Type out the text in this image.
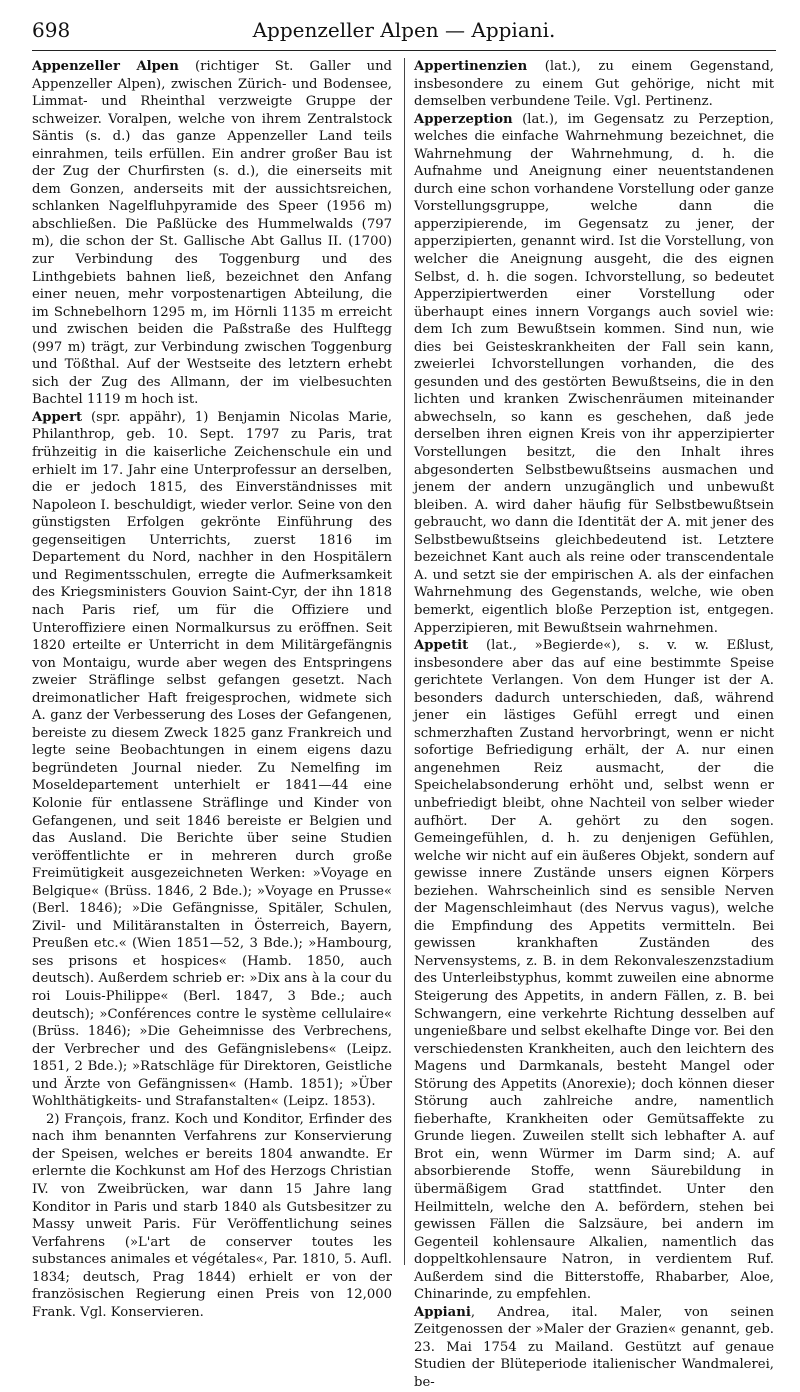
698	Appenzeller Alpen — Appiani.

Appenzeller Alpen (richtiger St. Galler und Appenzeller Alpen), zwischen Zürich- und Bodensee, Limmat- und Rheinthal verzweigte Gruppe der schweizer. Voralpen, welche von ihrem Zentralstock Säntis (s. d.) das ganze Appenzeller Land teils einrahmen, teils erfüllen. Ein andrer großer Bau ist der Zug der Churfirsten (s. d.), die einerseits mit dem Gonzen, anderseits mit der aussichtsreichen, schlanken Nagelfluhpyramide des Speer (1956 m) abschließen. Die Paßlücke des Hummelwalds (797 m), die schon der St. Gallische Abt Gallus II. (1700) zur Verbindung des Toggenburg und des Linthgebiets bahnen ließ, bezeichnet den Anfang einer neuen, mehr vorpostenartigen Abteilung, die im Schnebelhorn 1295 m, im Hörnli 1135 m erreicht und zwischen beiden die Paßstraße des Hulftegg (997 m) trägt, zur Verbindung zwischen Toggenburg und Tößthal. Auf der Westseite des letztern erhebt sich der Zug des Allmann, der im vielbesuchten Bachtel 1119 m hoch ist.

Appert (spr. appähr), 1) Benjamin Nicolas Marie, Philanthrop, geb. 10. Sept. 1797 zu Paris, trat frühzeitig in die kaiserliche Zeichenschule ein und erhielt im 17. Jahr eine Unterprofessur an derselben, die er jedoch 1815, des Einverständnisses mit Napoleon I. beschuldigt, wieder verlor. Seine von den günstigsten Erfolgen gekrönte Einführung des gegenseitigen Unterrichts, zuerst 1816 im Departement du Nord, nachher in den Hospitälern und Regimentsschulen, erregte die Aufmerksamkeit des Kriegsministers Gouvion Saint-Cyr, der ihn 1818 nach Paris rief, um für die Offiziere und Unteroffiziere einen Normalkursus zu eröffnen. Seit 1820 erteilte er Unterricht in dem Militärgefängnis von Montaigu, wurde aber wegen des Entspringens zweier Sträflinge selbst gefangen gesetzt. Nach dreimonatlicher Haft freigesprochen, widmete sich A. ganz der Verbesserung des Loses der Gefangenen, bereiste zu diesem Zweck 1825 ganz Frankreich und legte seine Beobachtungen in einem eigens dazu begründeten Journal nieder. Zu Nemelfing im Moseldepartement unterhielt er 1841—44 eine Kolonie für entlassene Sträflinge und Kinder von Gefangenen, und seit 1846 bereiste er Belgien und das Ausland. Die Berichte über seine Studien veröffentlichte er in mehreren durch große Freimütigkeit ausgezeichneten Werken: »Voyage en Belgique« (Brüss. 1846, 2 Bde.); »Voyage en Prusse« (Berl. 1846); »Die Gefängnisse, Spitäler, Schulen, Zivil- und Militäranstalten in Österreich, Bayern, Preußen etc.« (Wien 1851—52, 3 Bde.); »Hambourg, ses prisons et hospices« (Hamb. 1850, auch deutsch). Außerdem schrieb er: »Dix ans à la cour du roi Louis-Philippe« (Berl. 1847, 3 Bde.; auch deutsch); »Conférences contre le système cellulaire« (Brüss. 1846); »Die Geheimnisse des Verbrechens, der Verbrecher und des Gefängnislebens« (Leipz. 1851, 2 Bde.); »Ratschläge für Direktoren, Geistliche und Ärzte von Gefängnissen« (Hamb. 1851); »Über Wohlthätigkeits- und Strafanstalten« (Leipz. 1853).

2) François, franz. Koch und Konditor, Erfinder des nach ihm benannten Verfahrens zur Konservierung der Speisen, welches er bereits 1804 anwandte. Er erlernte die Kochkunst am Hof des Herzogs Christian IV. von Zweibrücken, war dann 15 Jahre lang Konditor in Paris und starb 1840 als Gutsbesitzer zu Massy unweit Paris. Für Veröffentlichung seines Verfahrens (»L'art de conserver toutes les substances animales et végétales«, Par. 1810, 5. Aufl. 1834; deutsch, Prag 1844) erhielt er von der französischen Regierung einen Preis von 12,000 Frank. Vgl. Konservieren.

Appertinenzien (lat.), zu einem Gegenstand, insbesondere zu einem Gut gehörige, nicht mit demselben verbundene Teile. Vgl. Pertinenz.

Apperzeption (lat.), im Gegensatz zu Perzeption, welches die einfache Wahrnehmung bezeichnet, die Wahrnehmung der Wahrnehmung, d. h. die Aufnahme und Aneignung einer neuentstandenen durch eine schon vorhandene Vorstellung oder ganze Vorstellungsgruppe, welche dann die apperzipierende, im Gegensatz zu jener, der apperzipierten, genannt wird. Ist die Vorstellung, von welcher die Aneignung ausgeht, die des eignen Selbst, d. h. die sogen. Ichvorstellung, so bedeutet Apperzipiertwerden einer Vorstellung oder überhaupt eines innern Vorgangs auch soviel wie: dem Ich zum Bewußtsein kommen. Sind nun, wie dies bei Geisteskrankheiten der Fall sein kann, zweierlei Ichvorstellungen vorhanden, die des gesunden und des gestörten Bewußtseins, die in den lichten und kranken Zwischenräumen miteinander abwechseln, so kann es geschehen, daß jede derselben ihren eignen Kreis von ihr apperzipierter Vorstellungen besitzt, die den Inhalt ihres abgesonderten Selbstbewußtseins ausmachen und jenem der andern unzugänglich und unbewußt bleiben. A. wird daher häufig für Selbstbewußtsein gebraucht, wo dann die Identität der A. mit jener des Selbstbewußtseins gleichbedeutend ist. Letztere bezeichnet Kant auch als reine oder transcendentale A. und setzt sie der empirischen A. als der einfachen Wahrnehmung des Gegenstands, welche, wie oben bemerkt, eigentlich bloße Perzeption ist, entgegen. Apperzipieren, mit Bewußtsein wahrnehmen.

Appetit (lat., »Begierde«), s. v. w. Eßlust, insbesondere aber das auf eine bestimmte Speise gerichtete Verlangen. Von dem Hunger ist der A. besonders dadurch unterschieden, daß, während jener ein lästiges Gefühl erregt und einen schmerzhaften Zustand hervorbringt, wenn er nicht sofortige Befriedigung erhält, der A. nur einen angenehmen Reiz ausmacht, der die Speichelabsonderung erhöht und, selbst wenn er unbefriedigt bleibt, ohne Nachteil von selber wieder aufhört. Der A. gehört zu den sogen. Gemeingefühlen, d. h. zu denjenigen Gefühlen, welche wir nicht auf ein äußeres Objekt, sondern auf gewisse innere Zustände unsers eignen Körpers beziehen. Wahrscheinlich sind es sensible Nerven der Magenschleimhaut (des Nervus vagus), welche die Empfindung des Appetits vermitteln. Bei gewissen krankhaften Zuständen des Nervensystems, z. B. in dem Rekonvaleszenzstadium des Unterleibstyphus, kommt zuweilen eine abnorme Steigerung des Appetits, in andern Fällen, z. B. bei Schwangern, eine verkehrte Richtung desselben auf ungenießbare und selbst ekelhafte Dinge vor. Bei den verschiedensten Krankheiten, auch den leichtern des Magens und Darmkanals, besteht Mangel oder Störung des Appetits (Anorexie); doch können dieser Störung auch zahlreiche andre, namentlich fieberhafte, Krankheiten oder Gemütsaffekte zu Grunde liegen. Zuweilen stellt sich lebhafter A. auf Brot ein, wenn Würmer im Darm sind; A. auf absorbierende Stoffe, wenn Säurebildung in übermäßigem Grad stattfindet. Unter den Heilmitteln, welche den A. befördern, stehen bei gewissen Fällen die Salzsäure, bei andern im Gegenteil kohlensaure Alkalien, namentlich das doppeltkohlensaure Natron, in verdientem Ruf. Außerdem sind die Bitterstoffe, Rhabarber, Aloe, Chinarinde, zu empfehlen.

Appiani, Andrea, ital. Maler, von seinen Zeitgenossen der »Maler der Grazien« genannt, geb. 23. Mai 1754 zu Mailand. Gestützt auf genaue Studien der Blüteperiode italienischer Wandmalerei, be-
